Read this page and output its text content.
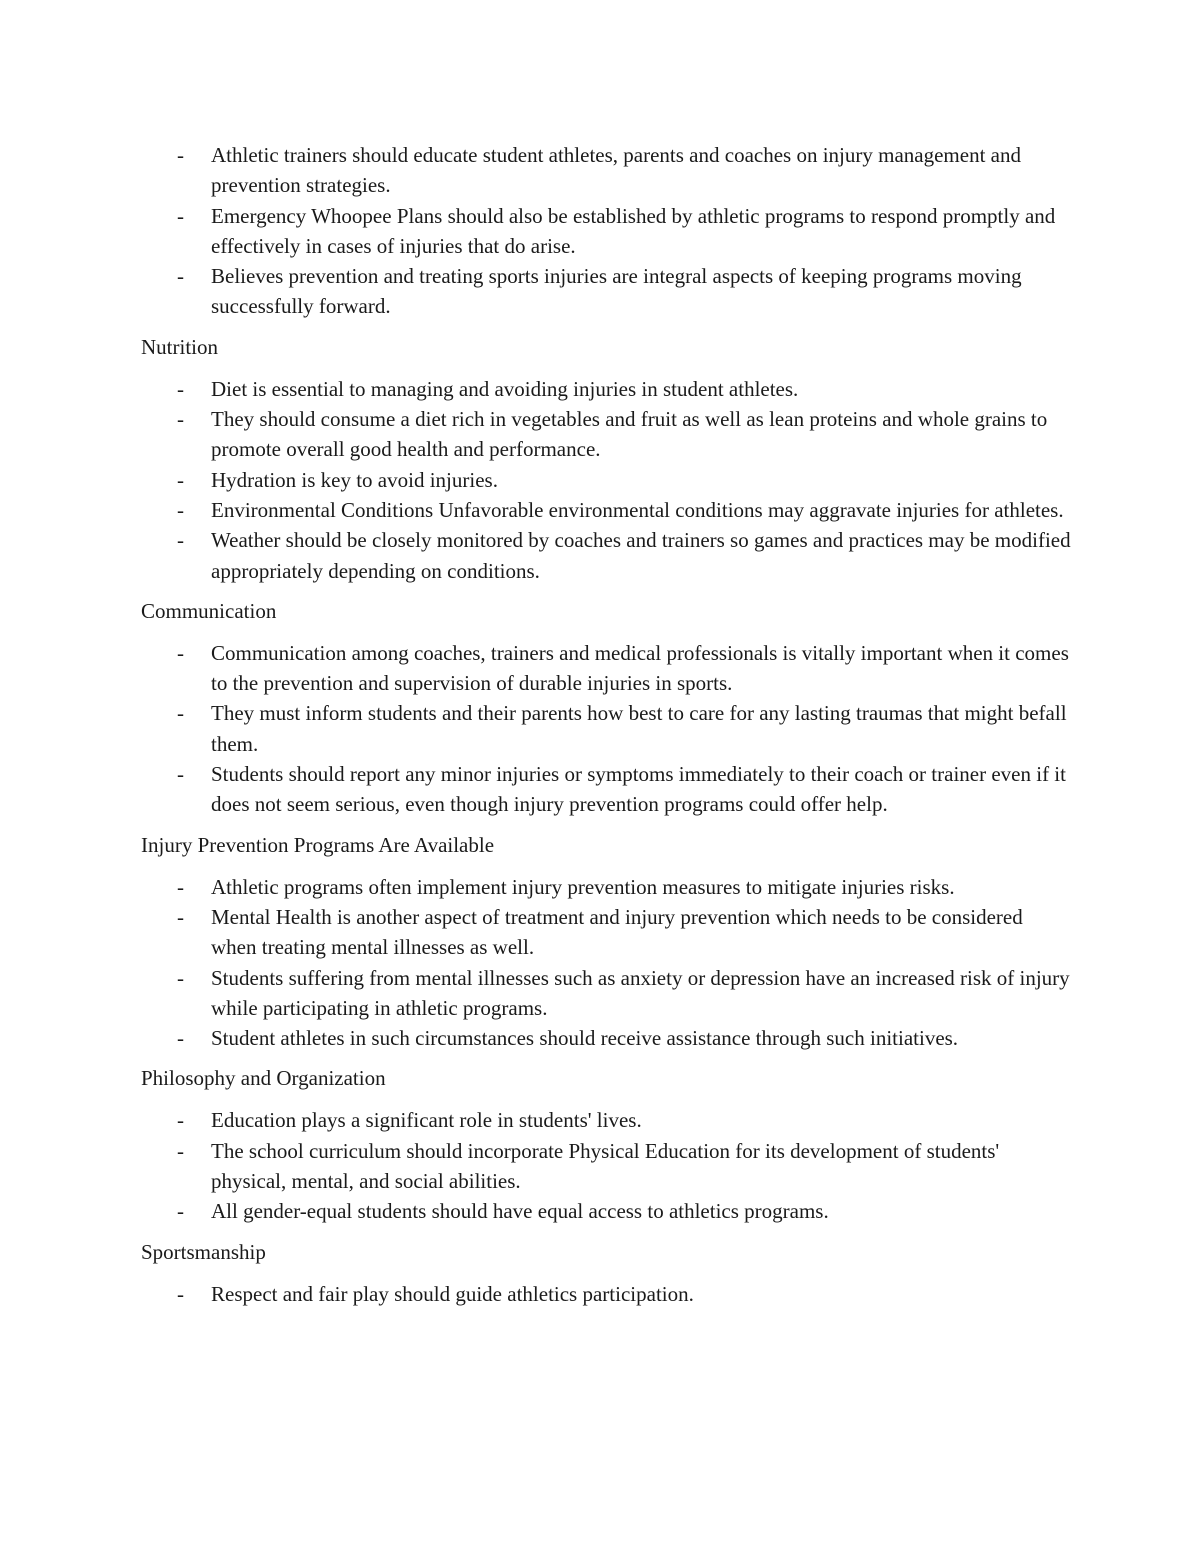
- Athletic trainers should educate student athletes, parents and coaches on injury management and prevention strategies.
- Emergency Whoopee Plans should also be established by athletic programs to respond promptly and effectively in cases of injuries that do arise.
- Believes prevention and treating sports injuries are integral aspects of keeping programs moving successfully forward.
Nutrition
- Diet is essential to managing and avoiding injuries in student athletes.
- They should consume a diet rich in vegetables and fruit as well as lean proteins and whole grains to promote overall good health and performance.
- Hydration is key to avoid injuries.
- Environmental Conditions Unfavorable environmental conditions may aggravate injuries for athletes.
- Weather should be closely monitored by coaches and trainers so games and practices may be modified appropriately depending on conditions.
Communication
- Communication among coaches, trainers and medical professionals is vitally important when it comes to the prevention and supervision of durable injuries in sports.
- They must inform students and their parents how best to care for any lasting traumas that might befall them.
- Students should report any minor injuries or symptoms immediately to their coach or trainer even if it does not seem serious, even though injury prevention programs could offer help.
Injury Prevention Programs Are Available
- Athletic programs often implement injury prevention measures to mitigate injuries risks.
- Mental Health is another aspect of treatment and injury prevention which needs to be considered when treating mental illnesses as well.
- Students suffering from mental illnesses such as anxiety or depression have an increased risk of injury while participating in athletic programs.
- Student athletes in such circumstances should receive assistance through such initiatives.
Philosophy and Organization
- Education plays a significant role in students' lives.
- The school curriculum should incorporate Physical Education for its development of students' physical, mental, and social abilities.
- All gender-equal students should have equal access to athletics programs.
Sportsmanship
- Respect and fair play should guide athletics participation.
